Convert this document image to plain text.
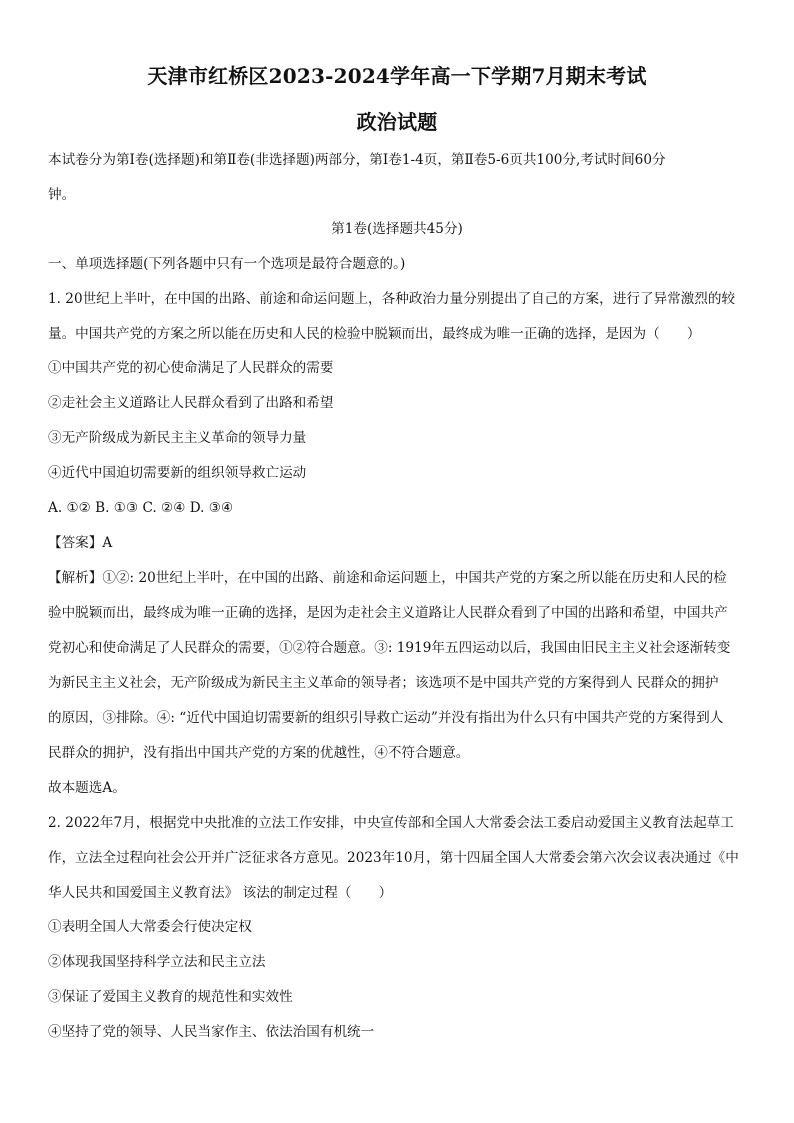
天津市红桥区2023-2024学年高一下学期7月期末考试
政治试题
本试卷分为第Ⅰ卷(选择题)和第Ⅱ卷(非选择题)两部分，第Ⅰ卷1-4页，第Ⅱ卷5-6页共100分,考试时间60分
钟。
第1卷(选择题共45分)
一、单项选择题(下列各题中只有一个选项是最符合题意的。)
1. 20世纪上半叶，在中国的出路、前途和命运问题上，各种政治力量分别提出了自己的方案，进行了异常激烈的较
量。中国共产党的方案之所以能在历史和人民的检验中脱颖而出，最终成为唯一正确的选择，是因为（　　）
①中国共产党的初心使命满足了人民群众的需要
②走社会主义道路让人民群众看到了出路和希望
③无产阶级成为新民主主义革命的领导力量
④近代中国迫切需要新的组织领导救亡运动
A. ①② B. ①③ C. ②④ D. ③④
【答案】A
【解析】①②: 20世纪上半叶，在中国的出路、前途和命运问题上，中国共产党的方案之所以能在历史和人民的检
验中脱颖而出，最终成为唯一正确的选择，是因为走社会主义道路让人民群众看到了中国的出路和希望，中国共产
党初心和使命满足了人民群众的需要，①②符合题意。③: 1919年五四运动以后，我国由旧民主主义社会逐渐转变
为新民主主义社会，无产阶级成为新民主主义革命的领导者；该选项不是中国共产党的方案得到人 民群众的拥护
的原因，③排除。④: “近代中国迫切需要新的组织引导救亡运动”并没有指出为什么只有中国共产党的方案得到人
民群众的拥护，没有指出中国共产党的方案的优越性，④不符合题意。
故本题选A。
2. 2022年7月，根据党中央批准的立法工作安排，中央宣传部和全国人大常委会法工委启动爱国主义教育法起草工
作，立法全过程向社会公开并广泛征求各方意见。2023年10月，第十四届全国人大常委会第六次会议表决通过《中
华人民共和国爱国主义教育法》 该法的制定过程（　　）
①表明全国人大常委会行使决定权
②体现我国坚持科学立法和民主立法
③保证了爱国主义教育的规范性和实效性
④坚持了党的领导、人民当家作主、依法治国有机统一
